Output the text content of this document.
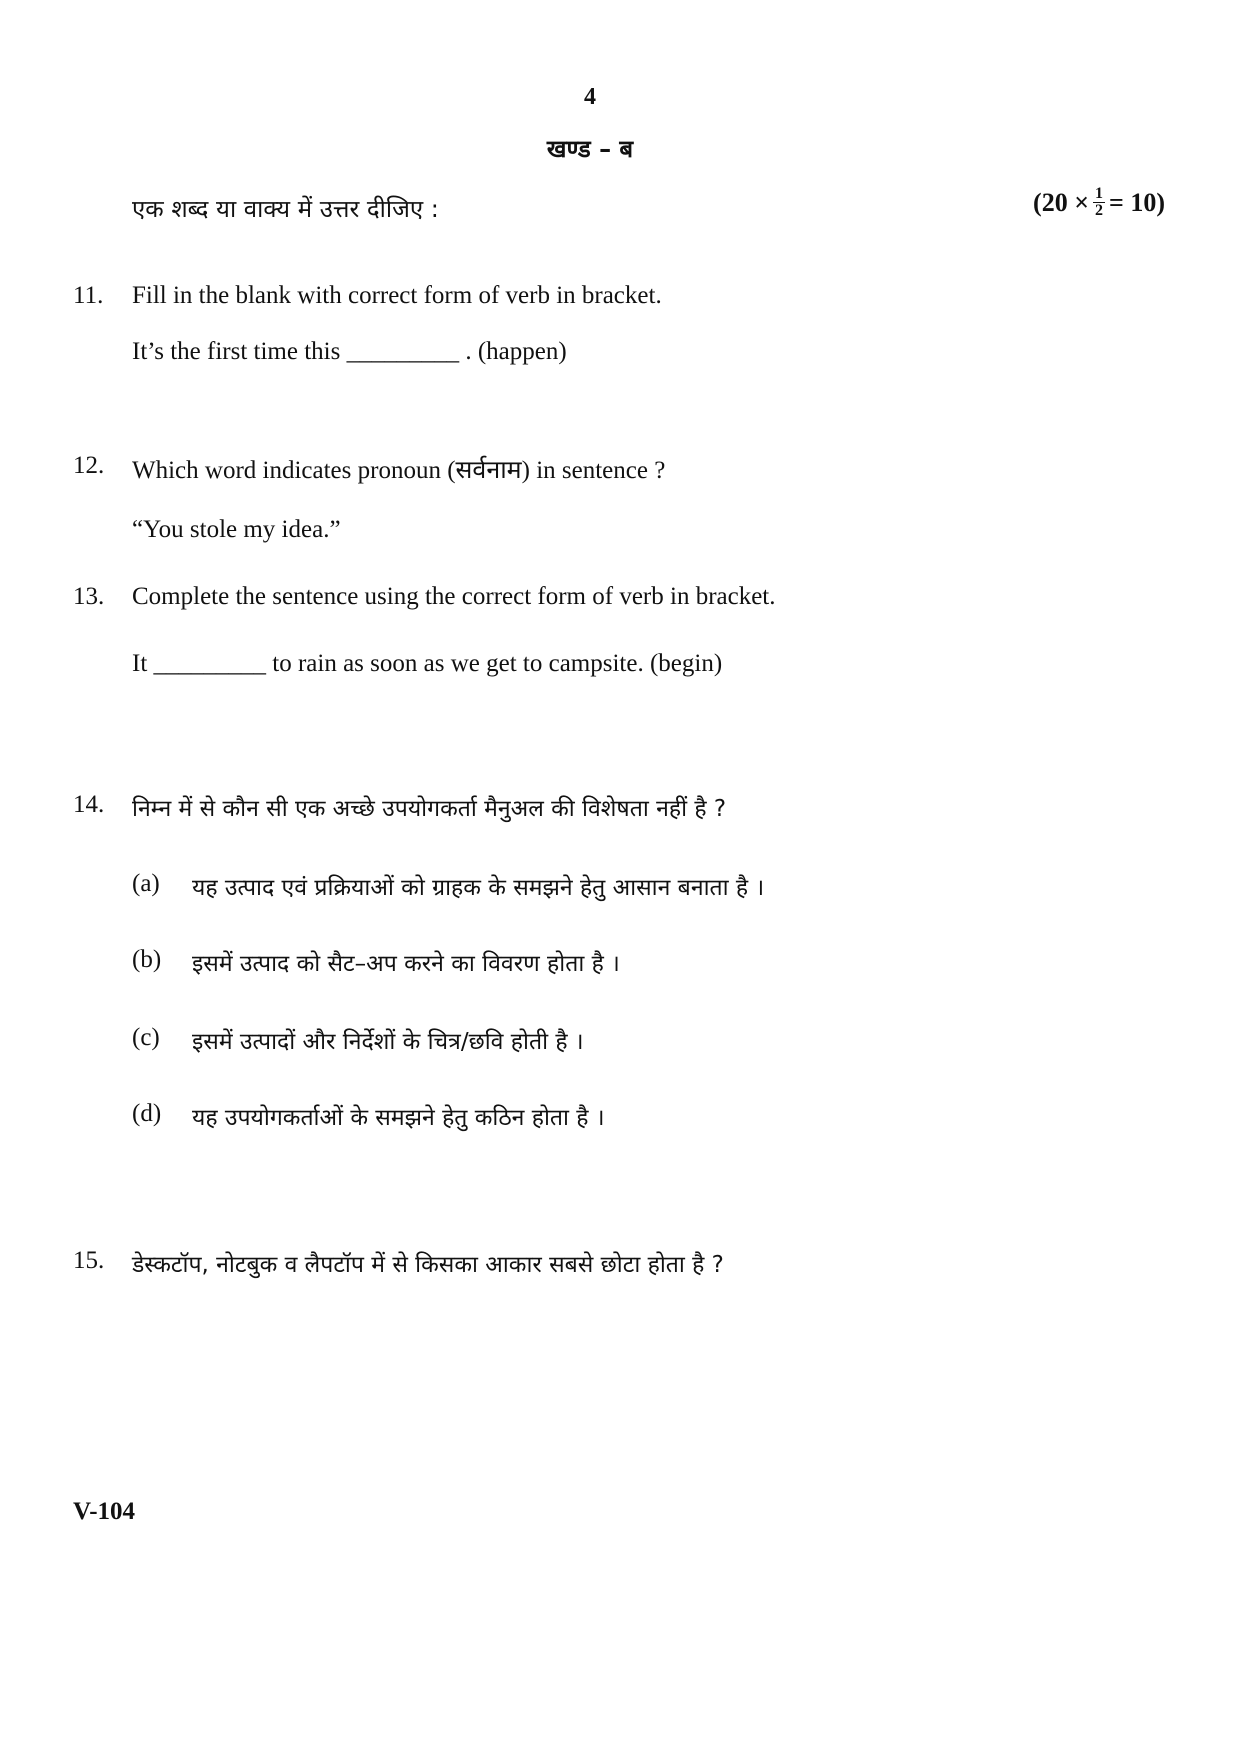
4
खण्ड – ब
एक शब्द या वाक्य में उत्तर दीजिए :	$(20 \times \frac{1}{2} = 10)$
11. Fill in the blank with correct form of verb in bracket.
It’s the first time this _________ . (happen)
12. Which word indicates pronoun (सर्वनाम) in sentence ?
“You stole my idea.”
13. Complete the sentence using the correct form of verb in bracket.
It _________ to rain as soon as we get to campsite. (begin)
14. निम्न में से कौन सी एक अच्छे उपयोगकर्ता मैनुअल की विशेषता नहीं है ?
(a) यह उत्पाद एवं प्रक्रियाओं को ग्राहक के समझने हेतु आसान बनाता है ।
(b) इसमें उत्पाद को सैट–अप करने का विवरण होता है ।
(c) इसमें उत्पादों और निर्देशों के चित्र/छवि होती है ।
(d) यह उपयोगकर्ताओं के समझने हेतु कठिन होता है ।
15. डेस्कटॉप, नोटबुक व लैपटॉप में से किसका आकार सबसे छोटा होता है ?
V-104
